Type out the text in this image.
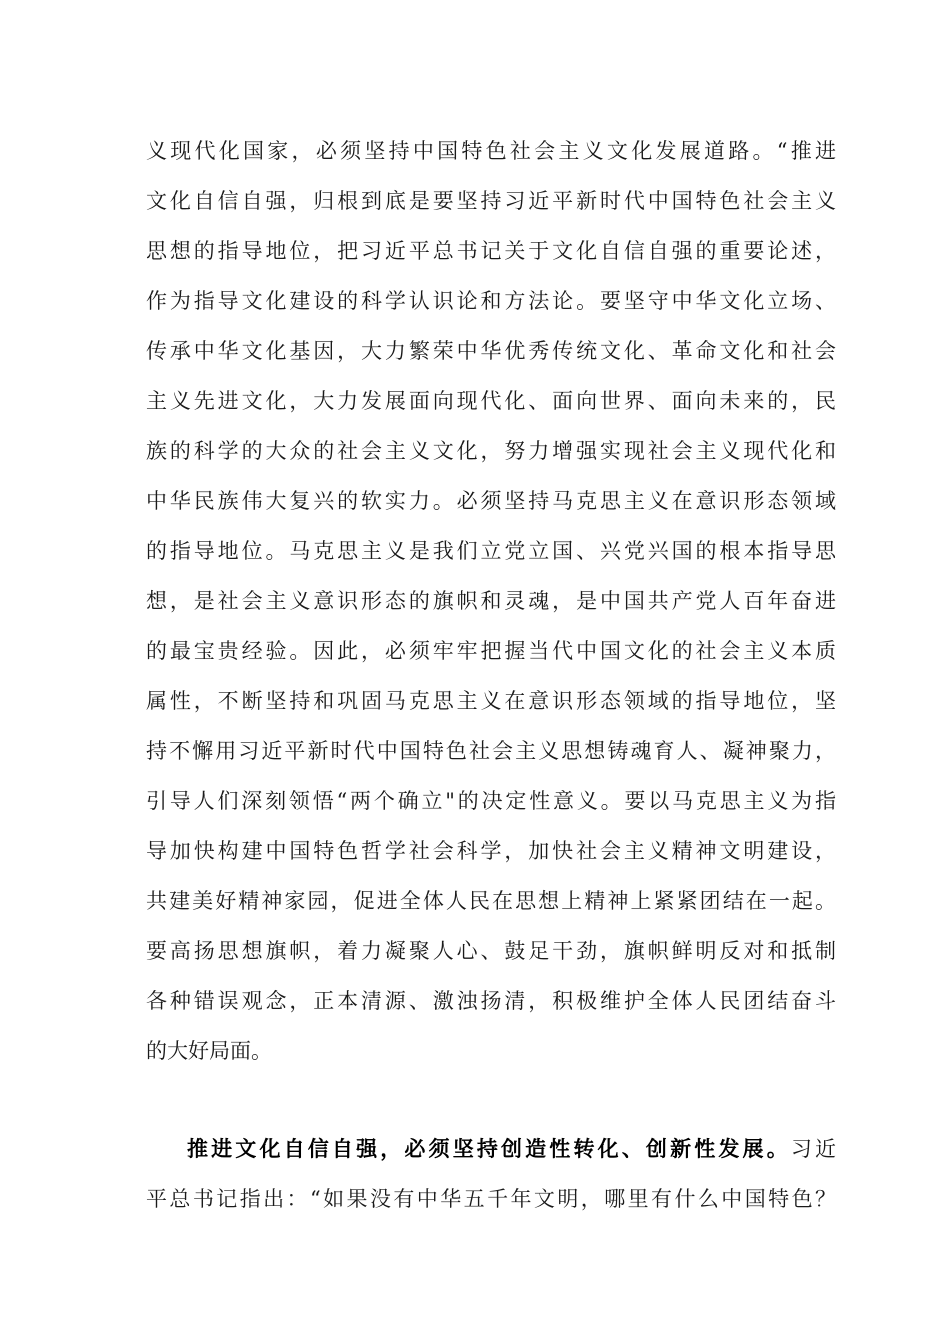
义现代化国家，必须坚持中国特色社会主义文化发展道路。“推进
文化自信自强，归根到底是要坚持习近平新时代中国特色社会主义
思想的指导地位，把习近平总书记关于文化自信自强的重要论述，
作为指导文化建设的科学认识论和方法论。要坚守中华文化立场、
传承中华文化基因，大力繁荣中华优秀传统文化、革命文化和社会
主义先进文化，大力发展面向现代化、面向世界、面向未来的，民
族的科学的大众的社会主义文化，努力增强实现社会主义现代化和
中华民族伟大复兴的软实力。必须坚持马克思主义在意识形态领域
的指导地位。马克思主义是我们立党立国、兴党兴国的根本指导思
想，是社会主义意识形态的旗帜和灵魂，是中国共产党人百年奋进
的最宝贵经验。因此，必须牢牢把握当代中国文化的社会主义本质
属性，不断坚持和巩固马克思主义在意识形态领域的指导地位，坚
持不懈用习近平新时代中国特色社会主义思想铸魂育人、凝神聚力，
引导人们深刻领悟“两个确立"的决定性意义。要以马克思主义为指
导加快构建中国特色哲学社会科学，加快社会主义精神文明建设，
共建美好精神家园，促进全体人民在思想上精神上紧紧团结在一起。
要高扬思想旗帜，着力凝聚人心、鼓足干劲，旗帜鲜明反对和抵制
各种错误观念，正本清源、激浊扬清，积极维护全体人民团结奋斗
的大好局面。
推进文化自信自强，必须坚持创造性转化、创新性发展。习近
平总书记指出：“如果没有中华五千年文明，哪里有什么中国特色？
